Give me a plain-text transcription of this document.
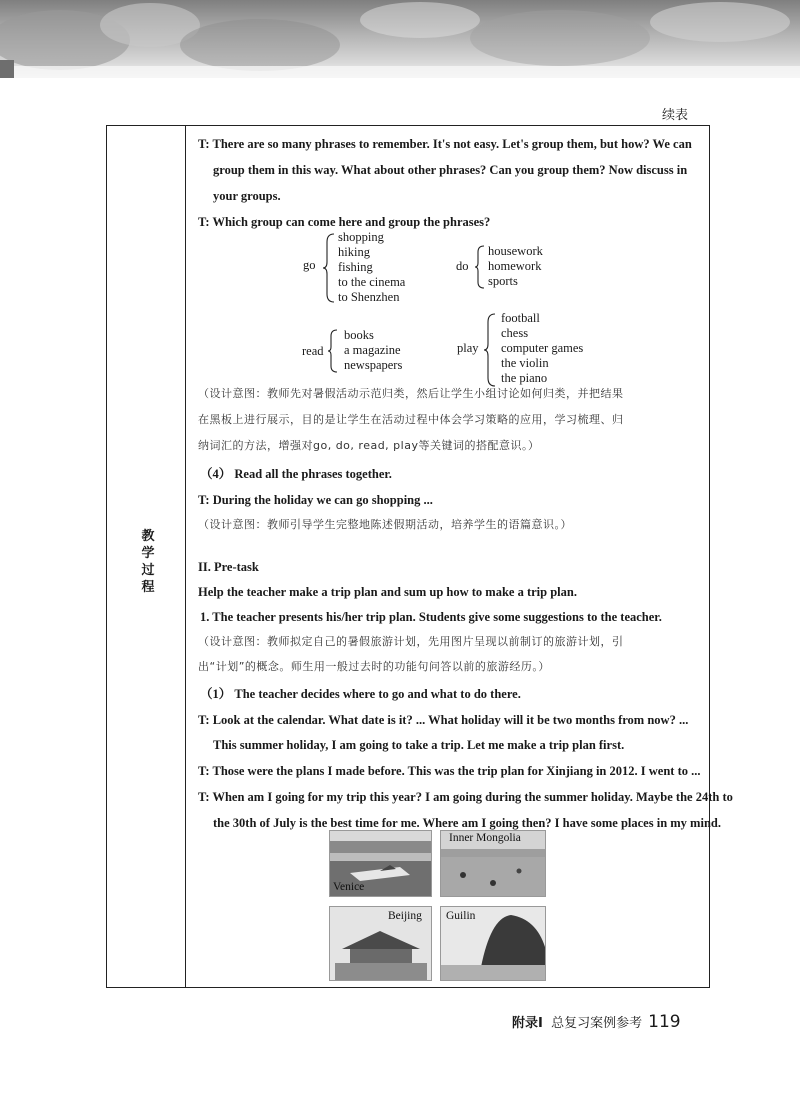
续表
教
学
过
程
T: There are so many phrases to remember. It's not easy. Let's group them, but how? We can
group them in this way. What about other phrases? Can you group them? Now discuss in
your groups.
T: Which group can come here and group the phrases?
go
shopping
hiking
fishing
to the cinema
to Shenzhen
do
housework
homework
sports
read
books
a magazine
newspapers
play
football
chess
computer games
the violin
the piano
（设计意图：教师先对暑假活动示范归类，然后让学生小组讨论如何归类，并把结果
在黑板上进行展示，目的是让学生在活动过程中体会学习策略的应用，学习梳理、归
纳词汇的方法，增强对go, do, read, play等关键词的搭配意识。）
（4） Read all the phrases together.
T: During the holiday we can go shopping ...
（设计意图：教师引导学生完整地陈述假期活动，培养学生的语篇意识。）
II. Pre-task
Help the teacher make a trip plan and sum up how to make a trip plan.
1. The teacher presents his/her trip plan. Students give some suggestions to the teacher.
（设计意图：教师拟定自己的暑假旅游计划，先用图片呈现以前制订的旅游计划，引
出“计划”的概念。师生用一般过去时的功能句问答以前的旅游经历。）
（1） The teacher decides where to go and what to do there.
T: Look at the calendar. What date is it? ... What holiday will it be two months from now? ...
This summer holiday, I am going to take a trip. Let me make a trip plan first.
T: Those were the plans I made before. This was the trip plan for Xinjiang in 2012. I went to ...
T: When am I going for my trip this year? I am going during the summer holiday. Maybe the 24th to
the 30th of July is the best time for me. Where am I going then? I have some places in my mind.
Venice
Inner Mongolia
Beijing Guilin
附录Ⅰ 总复习案例参考 119
